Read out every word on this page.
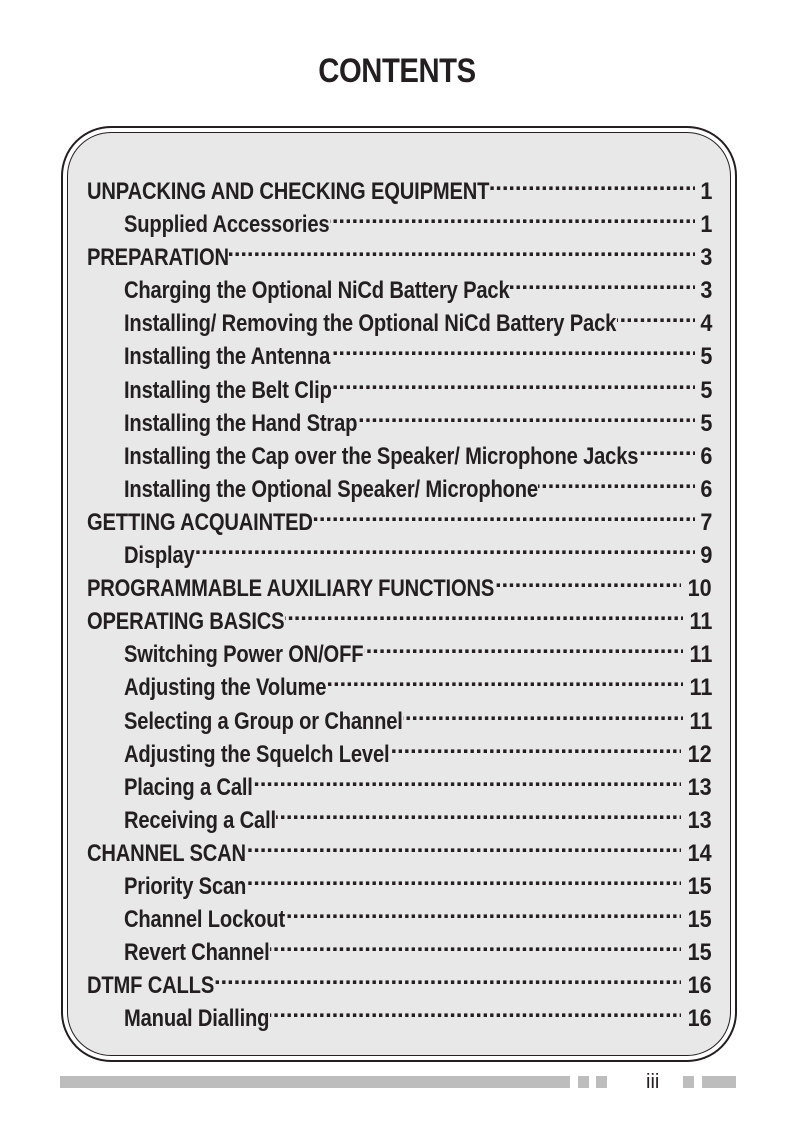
CONTENTS
UNPACKING AND CHECKING EQUIPMENT . . .	1
Supplied Accessories . . .	1
PREPARATION . . .	3
Charging the Optional NiCd Battery Pack . . .	3
Installing/ Removing the Optional NiCd Battery Pack . . .	4
Installing the Antenna . . .	5
Installing the Belt Clip . . .	5
Installing the Hand Strap . . .	5
Installing the Cap over the Speaker/ Microphone Jacks . . .	6
Installing the Optional Speaker/ Microphone . . .	6
GETTING ACQUAINTED . . .	7
Display . . .	9
PROGRAMMABLE AUXILIARY FUNCTIONS . . .	10
OPERATING BASICS . . .	11
Switching Power ON/OFF . . .	11
Adjusting the Volume . . .	11
Selecting a Group or Channel . . .	11
Adjusting the Squelch Level . . .	12
Placing a Call . . .	13
Receiving a Call . . .	13
CHANNEL SCAN . . .	14
Priority Scan . . .	15
Channel Lockout . . .	15
Revert Channel . . .	15
DTMF CALLS . . .	16
Manual Dialling . . .	16
iii
